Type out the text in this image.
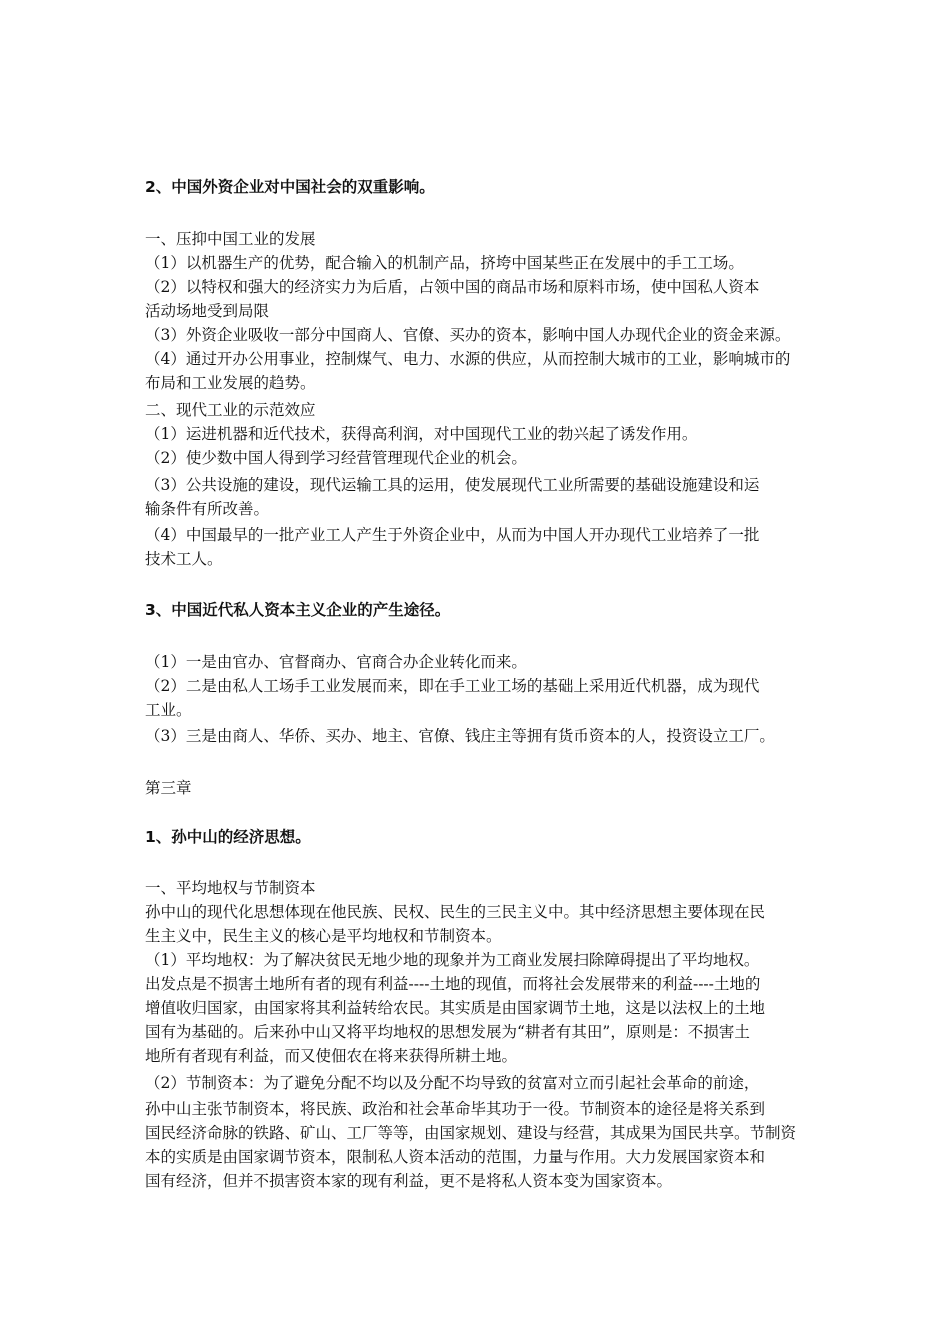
2、中国外资企业对中国社会的双重影响。
一、压抑中国工业的发展
（1）以机器生产的优势，配合输入的机制产品，挤垮中国某些正在发展中的手工工场。
（2）以特权和强大的经济实力为后盾，占领中国的商品市场和原料市场，使中国私人资本
活动场地受到局限
（3）外资企业吸收一部分中国商人、官僚、买办的资本，影响中国人办现代企业的资金来源。
（4）通过开办公用事业，控制煤气、电力、水源的供应，从而控制大城市的工业，影响城市的
布局和工业发展的趋势。
二、现代工业的示范效应
（1）运进机器和近代技术，获得高利润，对中国现代工业的勃兴起了诱发作用。
（2）使少数中国人得到学习经营管理现代企业的机会。
（3）公共设施的建设，现代运输工具的运用，使发展现代工业所需要的基础设施建设和运
输条件有所改善。
（4）中国最早的一批产业工人产生于外资企业中，从而为中国人开办现代工业培养了一批
技术工人。
3、中国近代私人资本主义企业的产生途径。
（1）一是由官办、官督商办、官商合办企业转化而来。
（2）二是由私人工场手工业发展而来，即在手工业工场的基础上采用近代机器，成为现代
工业。
（3）三是由商人、华侨、买办、地主、官僚、钱庄主等拥有货币资本的人，投资设立工厂。
第三章
1、孙中山的经济思想。
一、平均地权与节制资本
孙中山的现代化思想体现在他民族、民权、民生的三民主义中。其中经济思想主要体现在民
生主义中，民生主义的核心是平均地权和节制资本。
（1）平均地权：为了解决贫民无地少地的现象并为工商业发展扫除障碍提出了平均地权。
出发点是不损害土地所有者的现有利益----土地的现值，而将社会发展带来的利益----土地的
增值收归国家，由国家将其利益转给农民。其实质是由国家调节土地，这是以法权上的土地
国有为基础的。后来孙中山又将平均地权的思想发展为“耕者有其田”，原则是：不损害土
地所有者现有利益，而又使佃农在将来获得所耕土地。
（2）节制资本：为了避免分配不均以及分配不均导致的贫富对立而引起社会革命的前途，
孙中山主张节制资本，将民族、政治和社会革命毕其功于一役。节制资本的途径是将关系到
国民经济命脉的铁路、矿山、工厂等等，由国家规划、建设与经营，其成果为国民共享。节制资
本的实质是由国家调节资本，限制私人资本活动的范围，力量与作用。大力发展国家资本和
国有经济，但并不损害资本家的现有利益，更不是将私人资本变为国家资本。
